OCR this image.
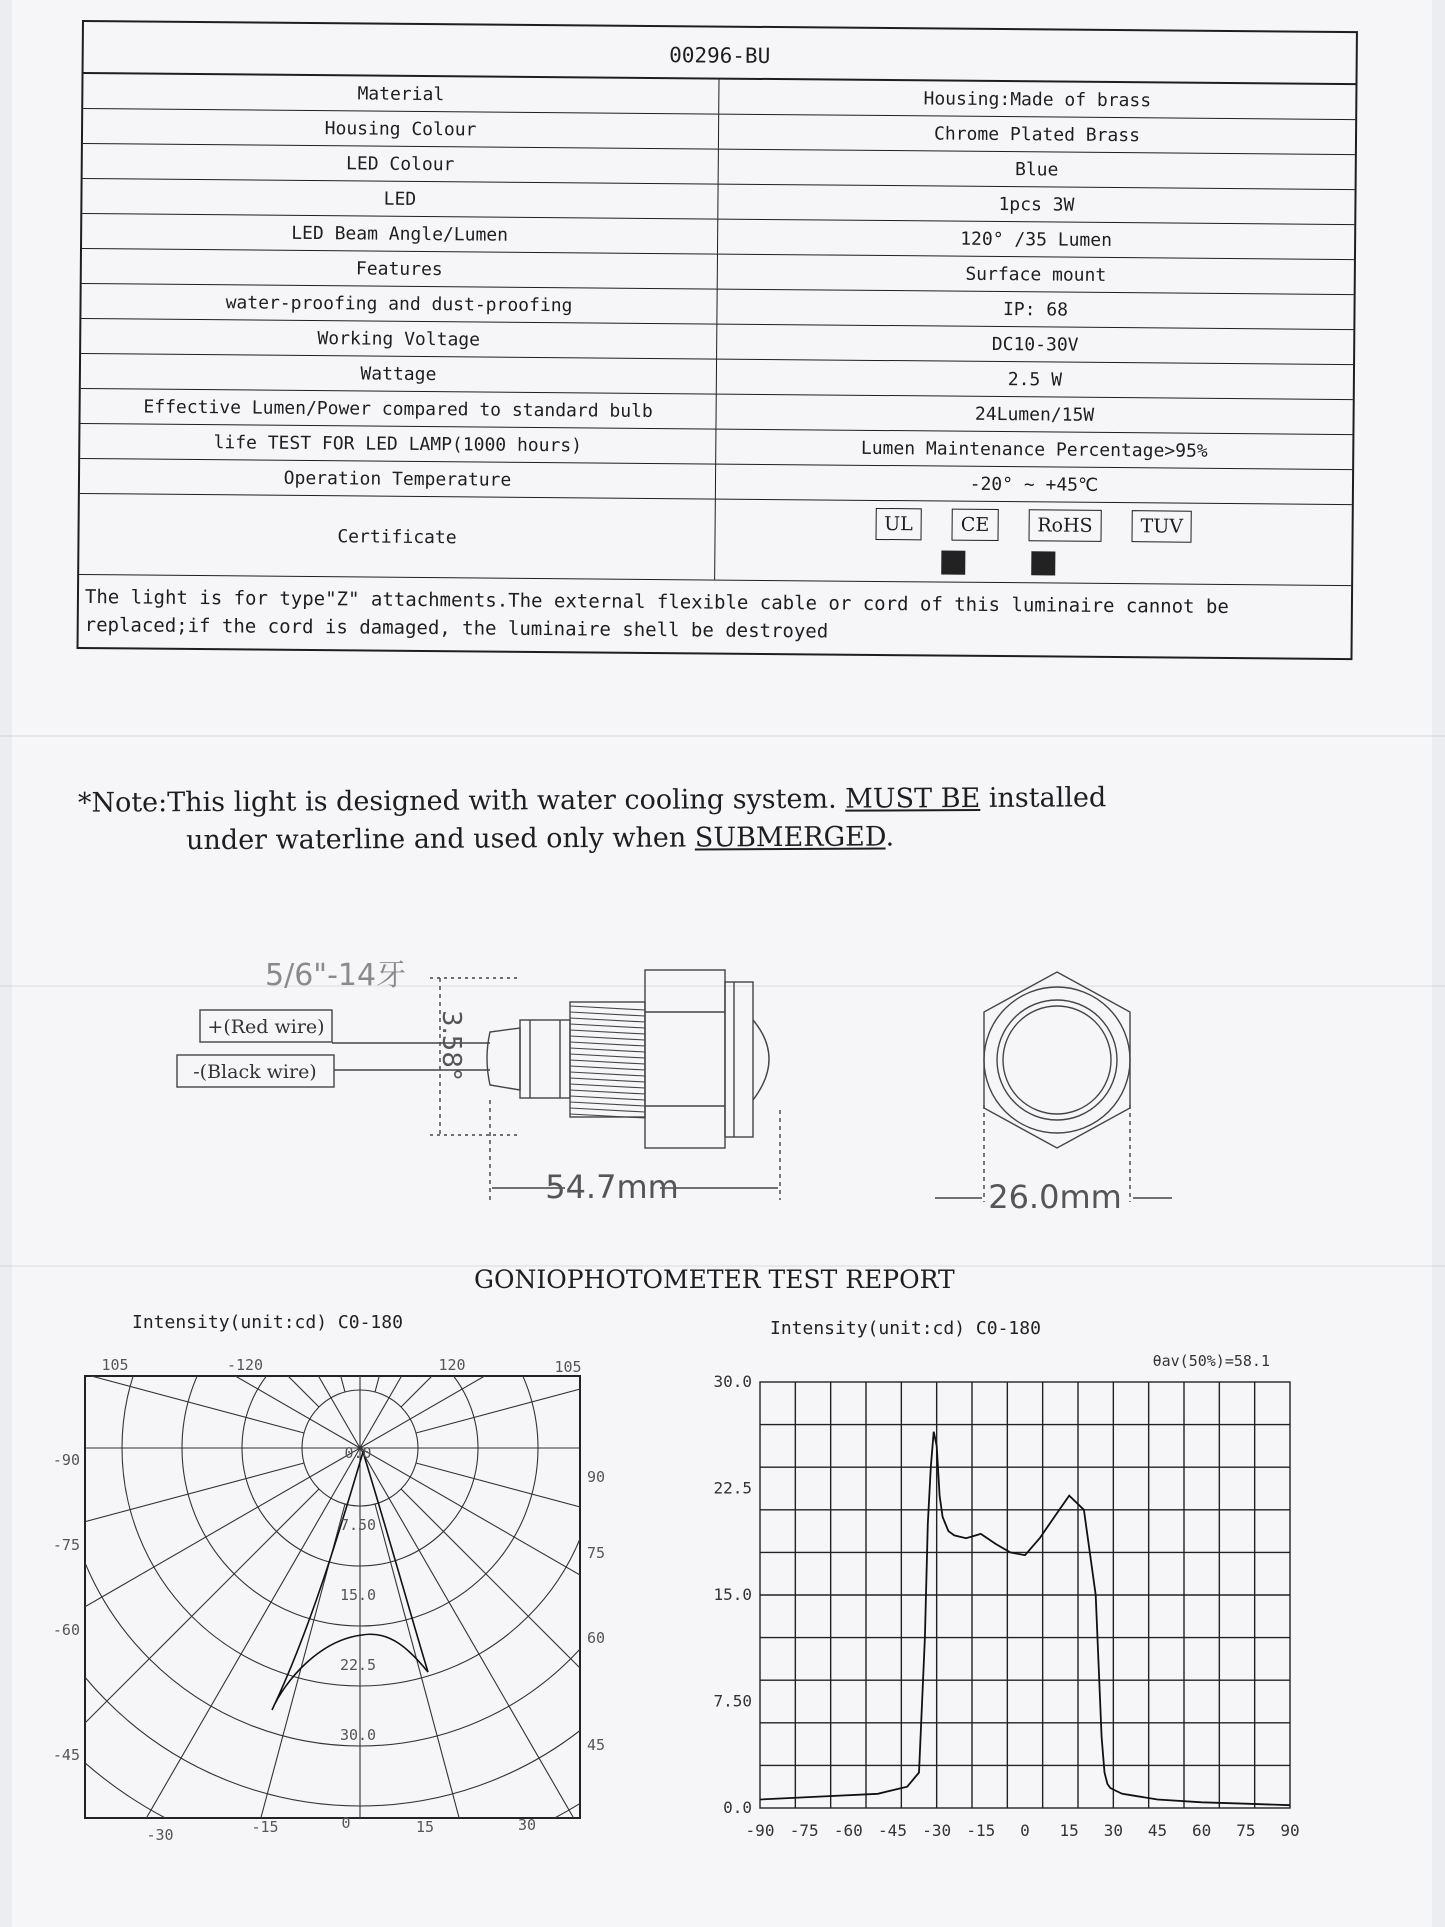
00296-BU
Material	Housing:Made of brass
Housing Colour	Chrome Plated Brass
LED Colour	Blue
LED	1pcs 3W
LED Beam Angle/Lumen	120° /35 Lumen
Features	Surface mount
water-proofing and dust-proofing	IP: 68
Working Voltage	DC10-30V
Wattage	2.5 W
Effective Lumen/Power compared to standard bulb	24Lumen/15W
life TEST FOR LED LAMP(1000 hours)	Lumen Maintenance Percentage>95%
Operation Temperature	-20° ~ +45℃
Certificate
UL	CE	RoHS	TUV
The light is for type"Z" attachments.The external flexible cable or cord of this luminaire cannot be replaced;if the cord is damaged, the luminaire shell be destroyed
*Note:This light is designed with water cooling system. MUST BE installed
under waterline and used only when SUBMERGED.
5/6"-14牙
+(Red wire)
-(Black wire)	3.58°
54.7mm	26.0mm
GONIOPHOTOMETER TEST REPORT
Intensity(unit:cd) C0-180
105	-120	120	105
-90
-75
-60
-45
90
75
60
45
0.0
7.50
15.0
22.5
30.0
-30	-15	0	15	30
Intensity(unit:cd) C0-180
θav(50%)=58.1
0.0
7.50
15.0
22.5
30.0
-90 -75 -60 -45 -30 -15 0 15 30 45 60 75 90
